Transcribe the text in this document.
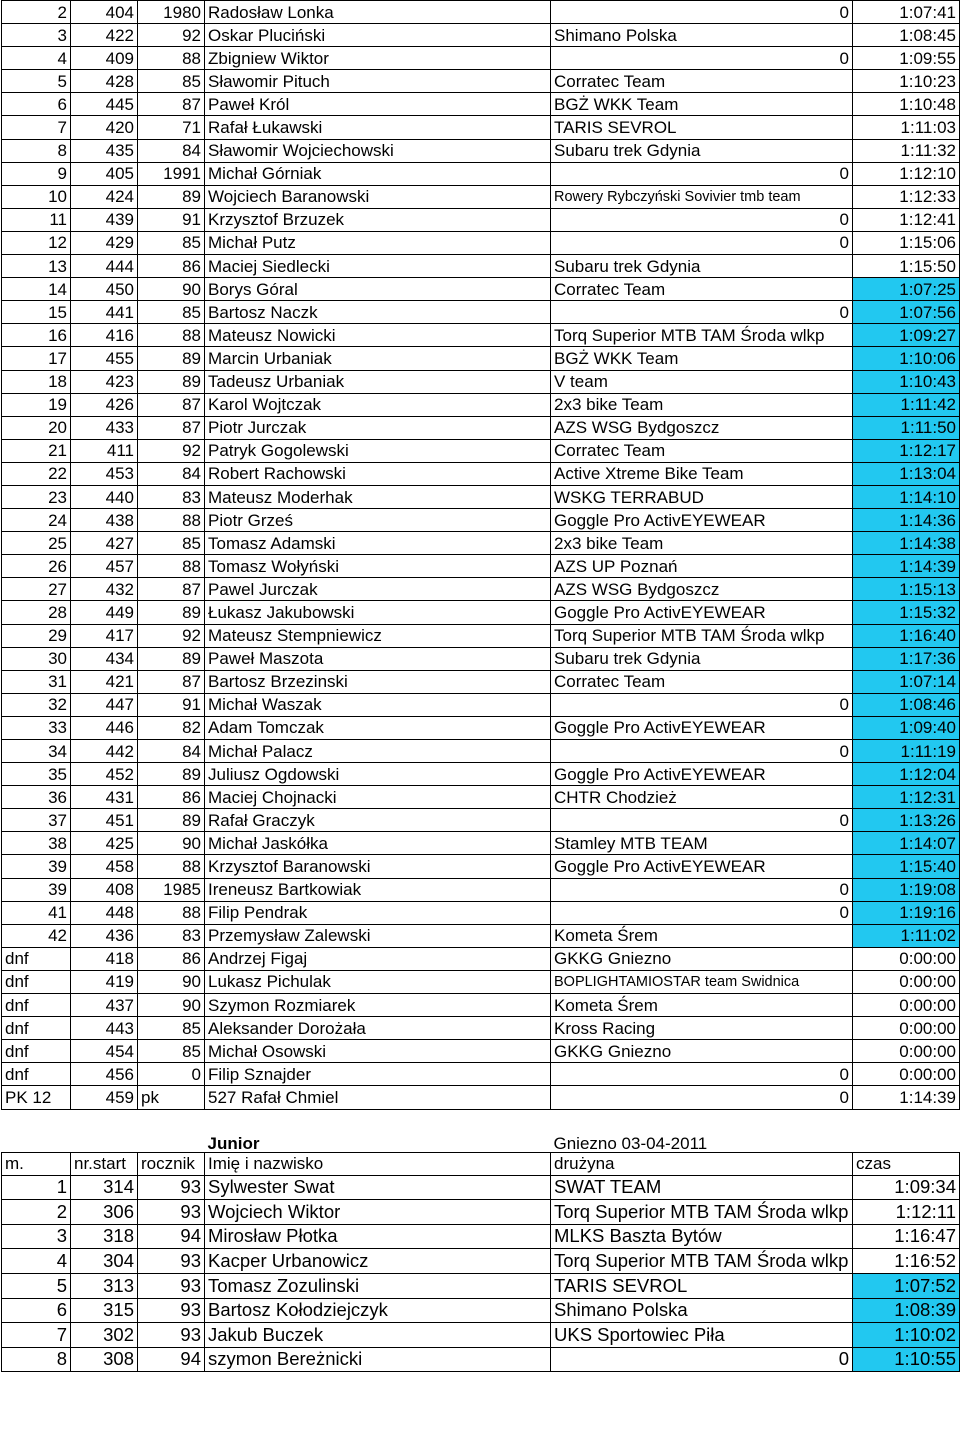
2	404	1980	Radosław Lonka	0	1:07:41
3	422	92	Oskar Pluciński	Shimano Polska	1:08:45
4	409	88	Zbigniew Wiktor	0	1:09:55
5	428	85	Sławomir Pituch	Corratec Team	1:10:23
6	445	87	Paweł Król	BGŻ WKK Team	1:10:48
7	420	71	Rafał Łukawski	TARIS SEVROL	1:11:03
8	435	84	Sławomir Wojciechowski	Subaru trek Gdynia	1:11:32
9	405	1991	Michał Górniak	0	1:12:10
10	424	89	Wojciech Baranowski	Rowery Rybczyński Sovivier tmb team	1:12:33
11	439	91	Krzysztof Brzuzek	0	1:12:41
12	429	85	Michał Putz	0	1:15:06
13	444	86	Maciej Siedlecki	Subaru trek Gdynia	1:15:50
14	450	90	Borys Góral	Corratec Team	1:07:25
15	441	85	Bartosz Naczk	0	1:07:56
16	416	88	Mateusz Nowicki	Torq Superior MTB TAM Środa wlkp	1:09:27
17	455	89	Marcin Urbaniak	BGŻ WKK Team	1:10:06
18	423	89	Tadeusz Urbaniak	V team	1:10:43
19	426	87	Karol Wojtczak	2x3 bike Team	1:11:42
20	433	87	Piotr Jurczak	AZS WSG Bydgoszcz	1:11:50
21	411	92	Patryk Gogolewski	Corratec Team	1:12:17
22	453	84	Robert Rachowski	Active Xtreme Bike Team	1:13:04
23	440	83	Mateusz Moderhak	WSKG TERRABUD	1:14:10
24	438	88	Piotr Grześ	Goggle Pro ActivEYEWEAR	1:14:36
25	427	85	Tomasz Adamski	2x3 bike Team	1:14:38
26	457	88	Tomasz Wołyński	AZS UP Poznań	1:14:39
27	432	87	Pawel Jurczak	AZS WSG Bydgoszcz	1:15:13
28	449	89	Łukasz Jakubowski	Goggle Pro ActivEYEWEAR	1:15:32
29	417	92	Mateusz Stempniewicz	Torq Superior MTB TAM Środa wlkp	1:16:40
30	434	89	Paweł Maszota	Subaru trek Gdynia	1:17:36
31	421	87	Bartosz Brzezinski	Corratec Team	1:07:14
32	447	91	Michał Waszak	0	1:08:46
33	446	82	Adam Tomczak	Goggle Pro ActivEYEWEAR	1:09:40
34	442	84	Michał Palacz	0	1:11:19
35	452	89	Juliusz Ogdowski	Goggle Pro ActivEYEWEAR	1:12:04
36	431	86	Maciej Chojnacki	CHTR Chodzież	1:12:31
37	451	89	Rafał Graczyk	0	1:13:26
38	425	90	Michał Jaskółka	Stamley MTB TEAM	1:14:07
39	458	88	Krzysztof Baranowski	Goggle Pro ActivEYEWEAR	1:15:40
39	408	1985	Ireneusz Bartkowiak	0	1:19:08
41	448	88	Filip Pendrak	0	1:19:16
42	436	83	Przemysław Zalewski	Kometa Śrem	1:11:02
dnf	418	86	Andrzej Figaj	GKKG Gniezno	0:00:00
dnf	419	90	Lukasz Pichulak	BOPLIGHTAMIOSTAR team Swidnica	0:00:00
dnf	437	90	Szymon Rozmiarek	Kometa Śrem	0:00:00
dnf	443	85	Aleksander Dorożała	Kross Racing	0:00:00
dnf	454	85	Michał Osowski	GKKG Gniezno	0:00:00
dnf	456	0	Filip Sznajder	0	0:00:00
PK 12	459	pk	527 Rafał Chmiel	0	1:14:39
			Junior	Gniezno 03-04-2011	
m.	nr.start	rocznik	Imię i nazwisko	drużyna	czas
1	314	93	Sylwester Swat	SWAT TEAM	1:09:34
2	306	93	Wojciech Wiktor	Torq Superior MTB TAM Środa wlkp	1:12:11
3	318	94	Mirosław Płotka	MLKS Baszta Bytów	1:16:47
4	304	93	Kacper Urbanowicz	Torq Superior MTB TAM Środa wlkp	1:16:52
5	313	93	Tomasz Zozulinski	TARIS SEVROL	1:07:52
6	315	93	Bartosz Kołodziejczyk	Shimano Polska	1:08:39
7	302	93	Jakub Buczek	UKS Sportowiec Piła	1:10:02
8	308	94	szymon Bereżnicki	0	1:10:55
